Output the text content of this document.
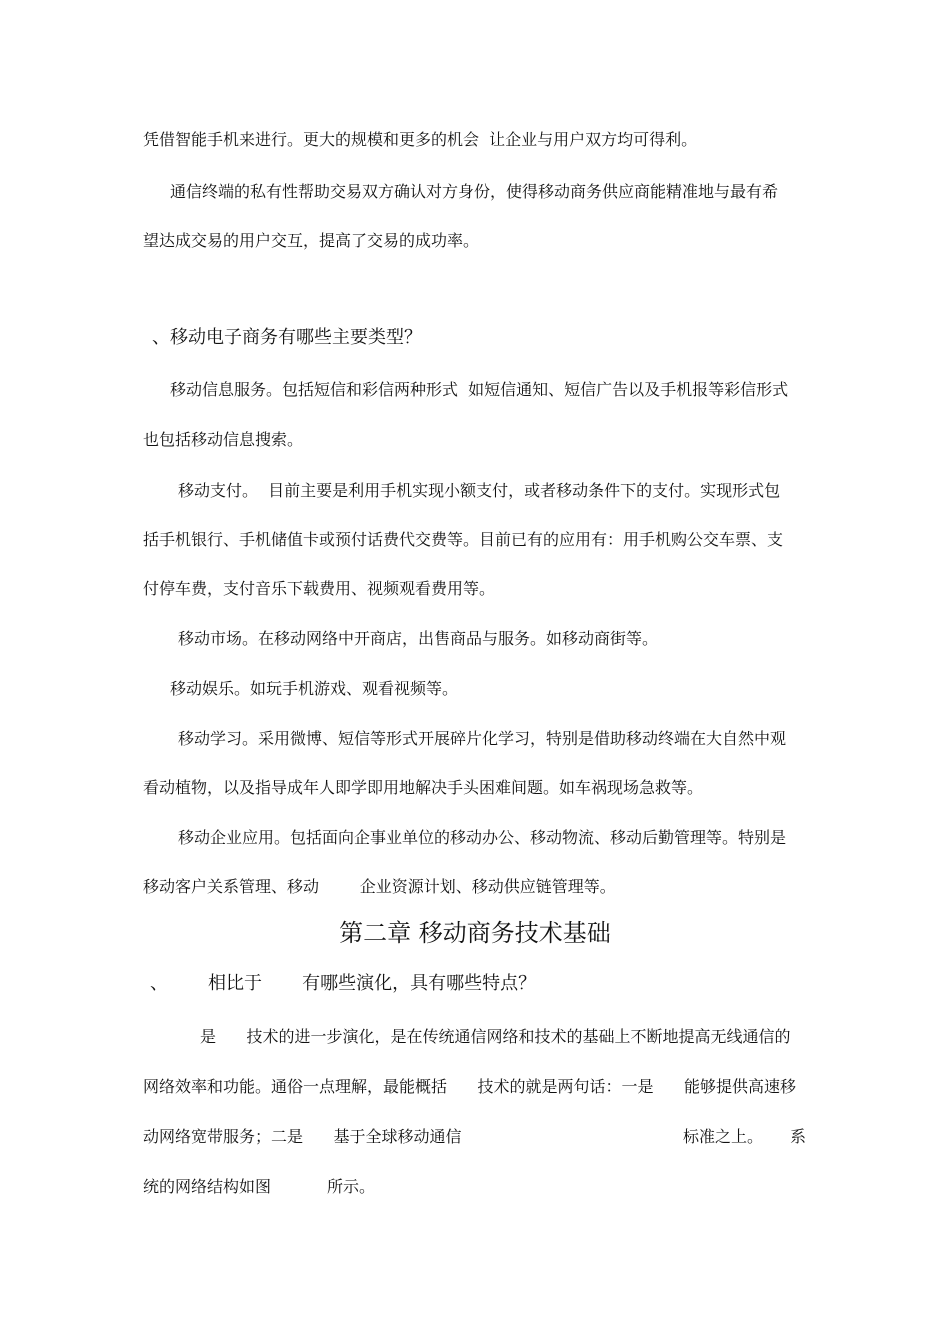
凭借智能手机来进行。更大的规模和更多的机会  让企业与用户双方均可得利。
通信终端的私有性帮助交易双方确认对方身份，使得移动商务供应商能精准地与最有希
望达成交易的用户交互，提高了交易的成功率。
、移动电子商务有哪些主要类型？
移动信息服务。包括短信和彩信两种形式  如短信通知、短信广告以及手机报等彩信形式
也包括移动信息搜索。
移动支付。  目前主要是利用手机实现小额支付，或者移动条件下的支付。实现形式包
括手机银行、手机储值卡或预付话费代交费等。目前已有的应用有：用手机购公交车票、支
付停车费，支付音乐下载费用、视频观看费用等。
移动市场。在移动网络中开商店，出售商品与服务。如移动商街等。
移动娱乐。如玩手机游戏、观看视频等。
移动学习。采用微博、短信等形式开展碎片化学习，特别是借助移动终端在大自然中观
看动植物，以及指导成年人即学即用地解决手头困难间题。如车祸现场急救等。
移动企业应用。包括面向企事业单位的移动办公、移动物流、移动后勤管理等。特别是
移动客户关系管理、移动        企业资源计划、移动供应链管理等。
第二章 移动商务技术基础
、       相比于       有哪些演化，具有哪些特点？
是      技术的进一步演化，是在传统通信网络和技术的基础上不断地提高无线通信的
网络效率和功能。通俗一点理解，最能概括      技术的就是两句话：一是      能够提供高速移
动网络宽带服务；二是      基于全球移动通信	标准之上。 系
统的网络结构如图           所示。
